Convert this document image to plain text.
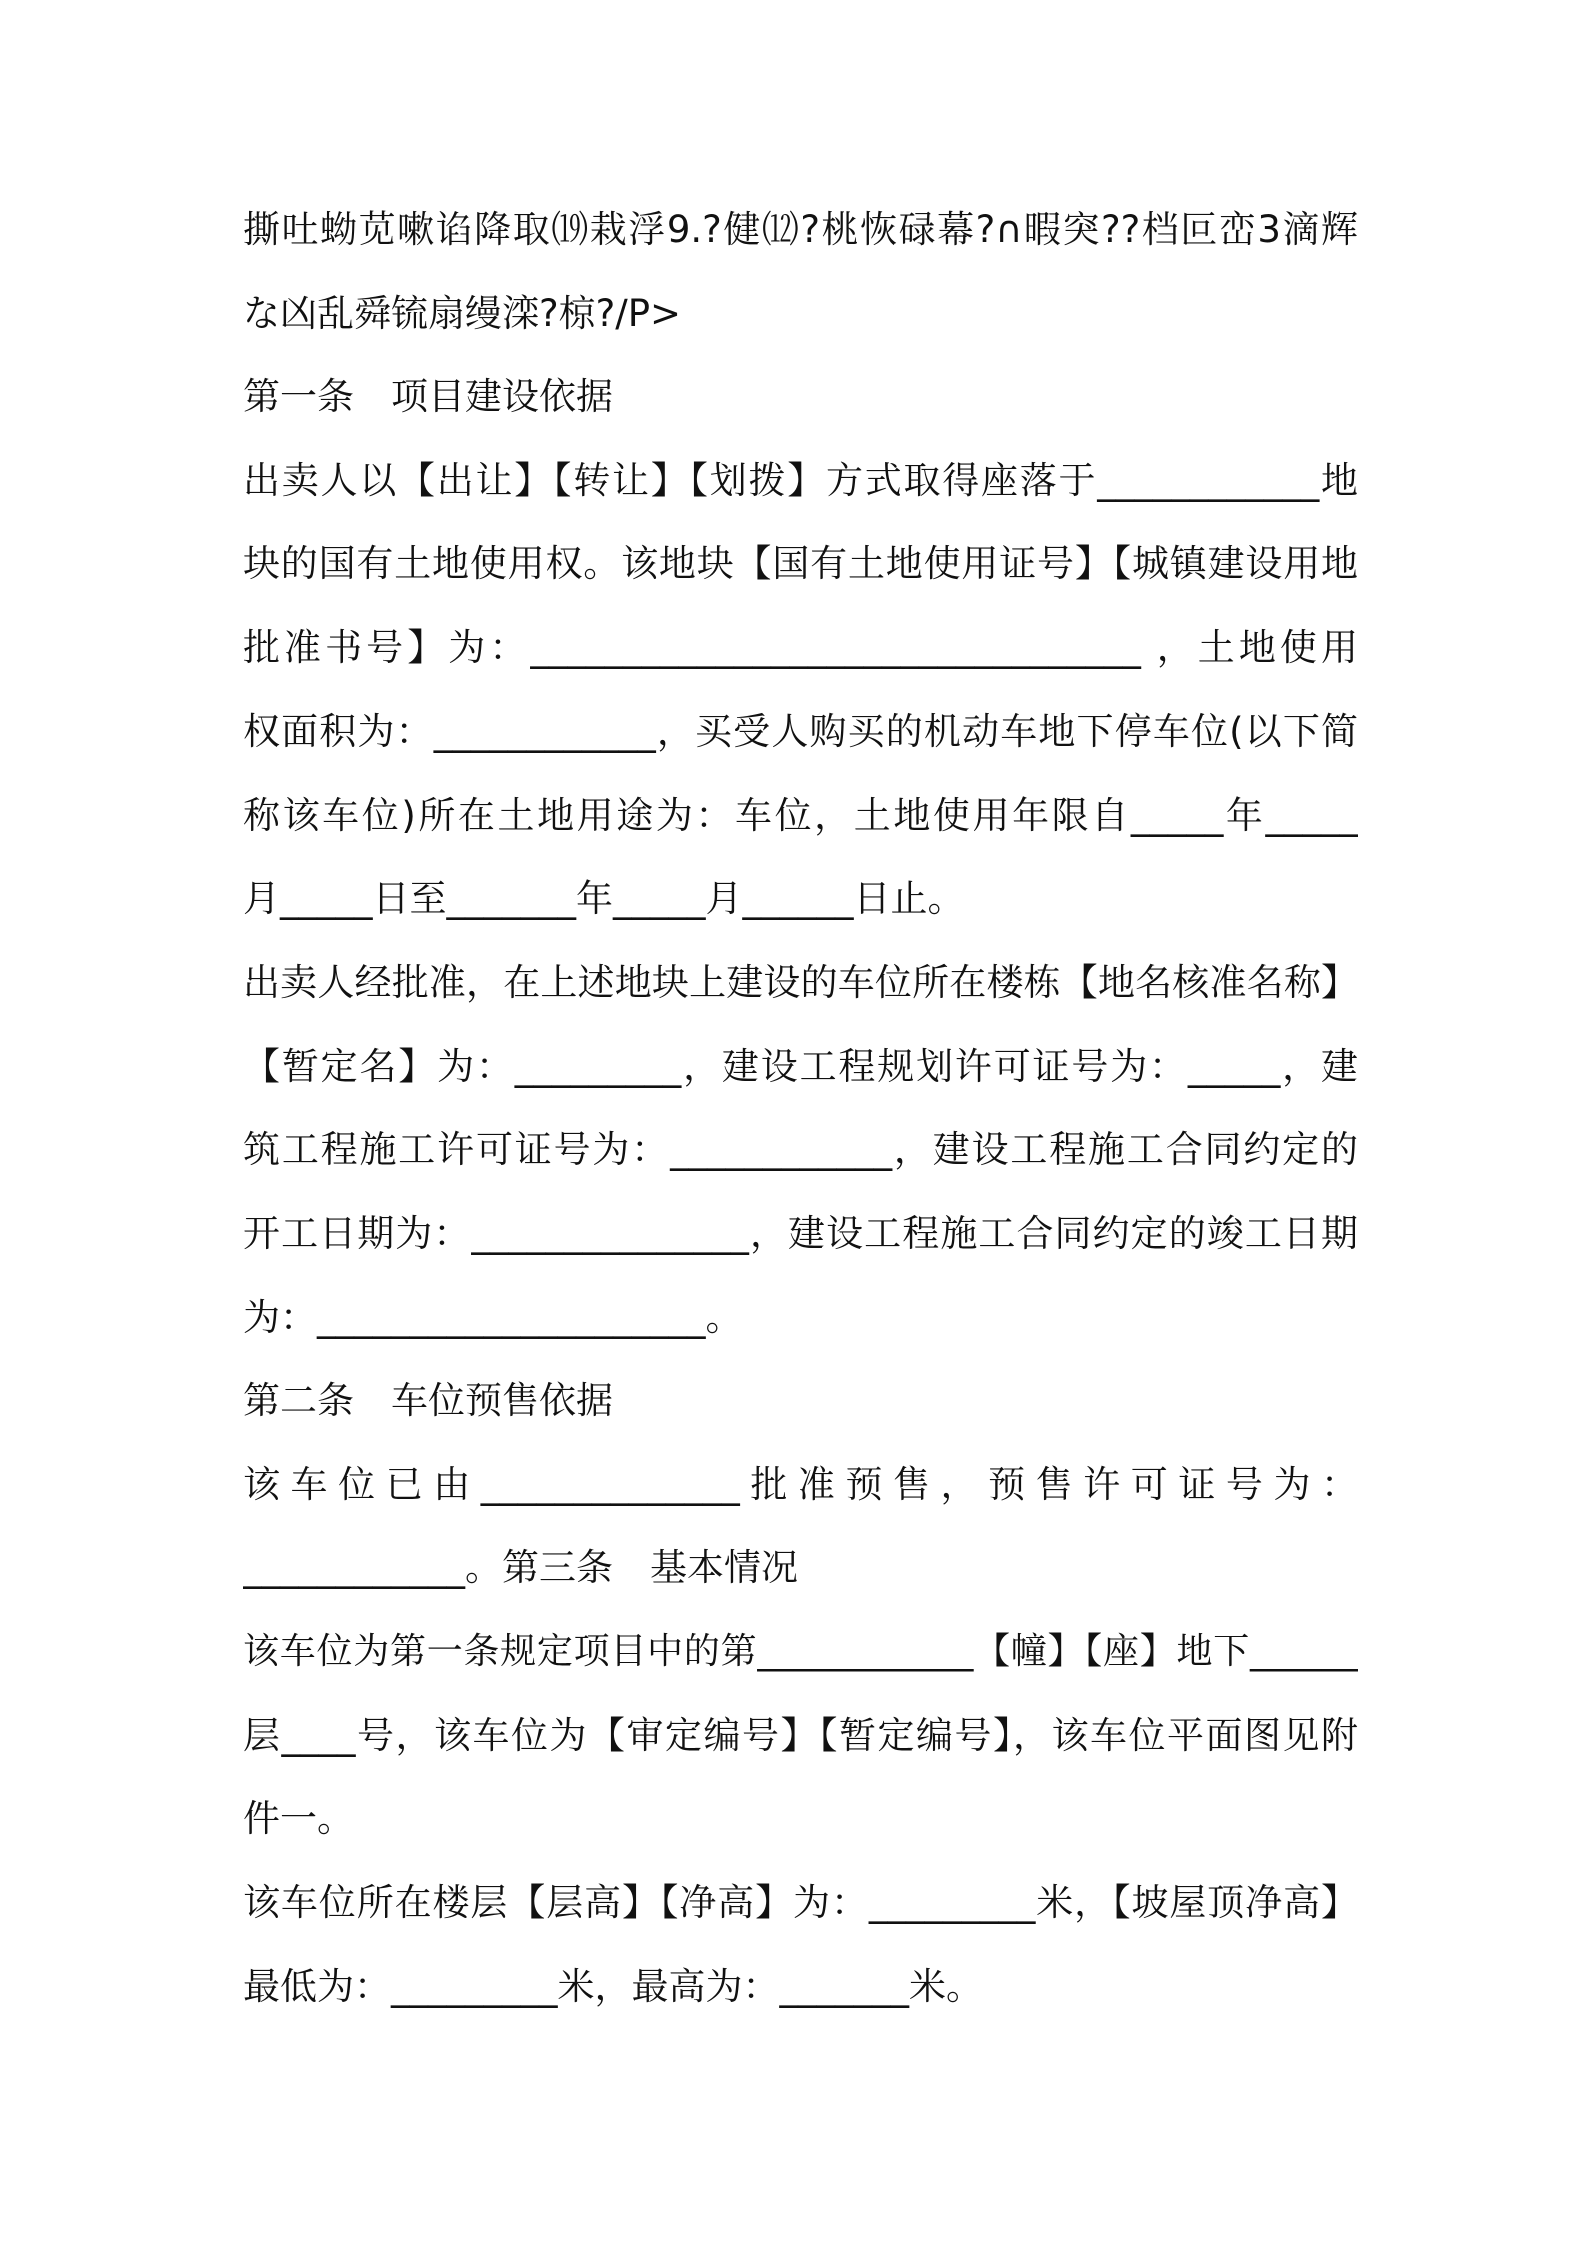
撕吐蚴苋嗽谄降取⒆栽浮9.?健⑿?桃恢碌幕?∩暇突??档叵峦3滴辉
な凶乱舜锍扇缦滦?椋?/P>
第一条　项目建设依据
出卖人以【出让】【转让】【划拨】方式取得座落于____________地
块的国有土地使用权。该地块【国有土地使用证号】【城镇建设用地
批准书号】为：_________________________________ ，土地使用
权面积为：____________，买受人购买的机动车地下停车位(以下简
称该车位)所在土地用途为：车位，土地使用年限自_____年_____
月_____日至_______年_____月______日止。
出卖人经批准，在上述地块上建设的车位所在楼栋【地名核准名称】
【暂定名】为：_________，建设工程规划许可证号为：_____，建
筑工程施工许可证号为：____________，建设工程施工合同约定的
开工日期为：_______________，建设工程施工合同约定的竣工日期
为：_____________________。
第二条　车位预售依据
该车位已由______________批准预售，预售许可证号为：
____________。第三条　基本情况
该车位为第一条规定项目中的第____________【幢】【座】地下______
层____号，该车位为【审定编号】【暂定编号】，该车位平面图见附
件一。
该车位所在楼层【层高】【净高】为：_________米，【坡屋顶净高】
最低为：_________米，最高为：_______米。
